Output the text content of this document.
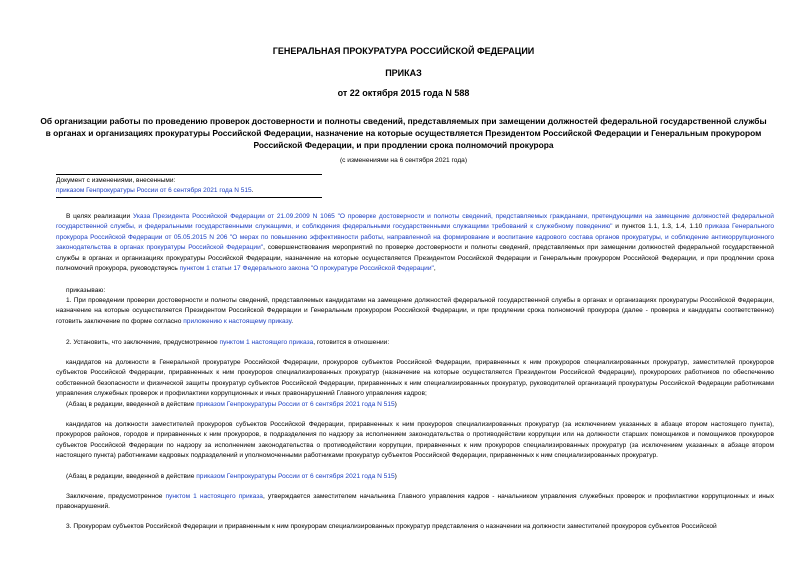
ГЕНЕРАЛЬНАЯ ПРОКУРАТУРА РОССИЙСКОЙ ФЕДЕРАЦИИ
ПРИКАЗ
от 22 октября 2015 года N 588
Об организации работы по проведению проверок достоверности и полноты сведений, представляемых при замещении должностей федеральной государственной службы в органах и организациях прокуратуры Российской Федерации, назначение на которые осуществляется Президентом Российской Федерации и Генеральным прокурором Российской Федерации, и при продлении срока полномочий прокурора
(с изменениями на 6 сентября 2021 года)
Документ с изменениями, внесенными:
приказом Генпрокуратуры России от 6 сентября 2021 года N 515.
В целях реализации Указа Президента Российской Федерации от 21.09.2009 N 1065 "О проверке достоверности и полноты сведений, представляемых гражданами, претендующими на замещение должностей федеральной государственной службы, и федеральными государственными служащими, и соблюдения федеральными государственными служащими требований к служебному поведению" и пунктов 1.1, 1.3, 1.4, 1.10 приказа Генерального прокурора Российской Федерации от 05.05.2015 N 206 "О мерах по повышению эффективности работы, направленной на формирование и воспитание кадрового состава органов прокуратуры, и соблюдение антикоррупционного законодательства в органах прокуратуры Российской Федерации", совершенствования мероприятий по проверке достоверности и полноты сведений, представляемых при замещении должностей федеральной государственной службы в органах и организациях прокуратуры Российской Федерации, назначение на которые осуществляется Президентом Российской Федерации и Генеральным прокурором Российской Федерации, и при продлении срока полномочий прокурора, руководствуясь пунктом 1 статьи 17 Федерального закона "О прокуратуре Российской Федерации",
приказываю:
1. При проведении проверки достоверности и полноты сведений, представляемых кандидатами на замещение должностей федеральной государственной службы в органах и организациях прокуратуры Российской Федерации, назначение на которые осуществляется Президентом Российской Федерации и Генеральным прокурором Российской Федерации, и при продлении срока полномочий прокурора (далее - проверка и кандидаты соответственно) готовить заключение по форме согласно приложению к настоящему приказу.
2. Установить, что заключение, предусмотренное пунктом 1 настоящего приказа, готовится в отношении:
кандидатов на должности в Генеральной прокуратуре Российской Федерации, прокуроров субъектов Российской Федерации, приравненных к ним прокуроров специализированных прокуратур, заместителей прокуроров субъектов Российской Федерации, приравненных к ним прокуроров специализированных прокуратур (назначение на которые осуществляется Президентом Российской Федерации), прокурорских работников по обеспечению собственной безопасности и физической защиты прокуратур субъектов Российской Федерации, приравненных к ним специализированных прокуратур, руководителей организаций прокуратуры Российской Федерации работниками управления служебных проверок и профилактики коррупционных и иных правонарушений Главного управления кадров;
(Абзац в редакции, введенной в действие приказом Генпрокуратуры России от 6 сентября 2021 года N 515)
кандидатов на должности заместителей прокуроров субъектов Российской Федерации, приравненных к ним прокуроров специализированных прокуратур (за исключением указанных в абзаце втором настоящего пункта), прокуроров районов, городов и приравненных к ним прокуроров, в подразделения по надзору за исполнением законодательства о противодействии коррупции или на должности старших помощников и помощников прокуроров субъектов Российской Федерации по надзору за исполнением законодательства о противодействии коррупции, приравненных к ним прокуроров специализированных прокуратур (за исключением указанных в абзаце втором настоящего пункта) работниками кадровых подразделений и уполномоченными работниками прокуратур субъектов Российской Федерации, приравненных к ним специализированных прокуратур.
(Абзац в редакции, введенной в действие приказом Генпрокуратуры России от 6 сентября 2021 года N 515)
Заключение, предусмотренное пунктом 1 настоящего приказа, утверждается заместителем начальника Главного управления кадров - начальником управления служебных проверок и профилактики коррупционных и иных правонарушений.
3. Прокурорам субъектов Российской Федерации и приравненным к ним прокурорам специализированных прокуратур представления о назначении на должности заместителей прокуроров субъектов Российской
